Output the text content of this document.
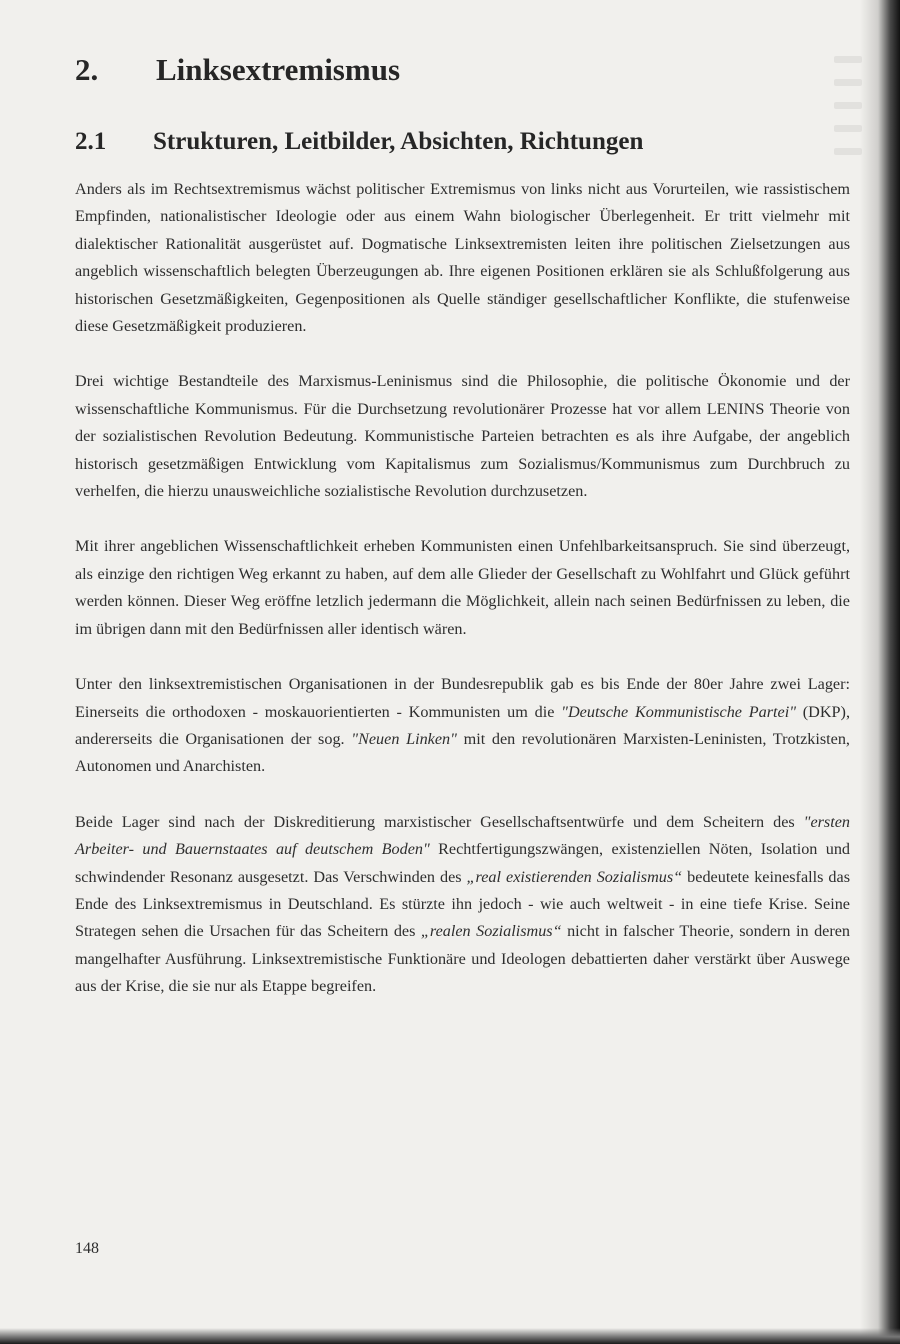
2. Linksextremismus
2.1 Strukturen, Leitbilder, Absichten, Richtungen

Anders als im Rechtsextremismus wächst politischer Extremismus von links nicht aus Vorurteilen, wie rassistischem Empfinden, nationalistischer Ideologie oder aus einem Wahn biologischer Überlegenheit. Er tritt vielmehr mit dialektischer Rationalität ausgerüstet auf. Dogmatische Linksextremisten leiten ihre politischen Zielsetzungen aus angeblich wissenschaftlich belegten Überzeugungen ab. Ihre eigenen Positionen erklären sie als Schlußfolgerung aus historischen Gesetzmäßigkeiten, Gegenpositionen als Quelle ständiger gesellschaftlicher Konflikte, die stufenweise diese Gesetzmäßigkeit produzieren.

Drei wichtige Bestandteile des Marxismus-Leninismus sind die Philosophie, die politische Ökonomie und der wissenschaftliche Kommunismus. Für die Durchsetzung revolutionärer Prozesse hat vor allem LENINS Theorie von der sozialistischen Revolution Bedeutung. Kommunistische Parteien betrachten es als ihre Aufgabe, der angeblich historisch gesetzmäßigen Entwicklung vom Kapitalismus zum Sozialismus/Kommunismus zum Durchbruch zu verhelfen, die hierzu unausweichliche sozialistische Revolution durchzusetzen.

Mit ihrer angeblichen Wissenschaftlichkeit erheben Kommunisten einen Unfehlbarkeitsanspruch. Sie sind überzeugt, als einzige den richtigen Weg erkannt zu haben, auf dem alle Glieder der Gesellschaft zu Wohlfahrt und Glück geführt werden können. Dieser Weg eröffne letzlich jedermann die Möglichkeit, allein nach seinen Bedürfnissen zu leben, die im übrigen dann mit den Bedürfnissen aller identisch wären.

Unter den linksextremistischen Organisationen in der Bundesrepublik gab es bis Ende der 80er Jahre zwei Lager: Einerseits die orthodoxen - moskauorientierten - Kommunisten um die "Deutsche Kommunistische Partei" (DKP), andererseits die Organisationen der sog. "Neuen Linken" mit den revolutionären Marxisten-Leninisten, Trotzkisten, Autonomen und Anarchisten.

Beide Lager sind nach der Diskreditierung marxistischer Gesellschaftsentwürfe und dem Scheitern des "ersten Arbeiter- und Bauernstaates auf deutschem Boden" Rechtfertigungszwängen, existenziellen Nöten, Isolation und schwindender Resonanz ausgesetzt. Das Verschwinden des „real existierenden Sozialismus“ bedeutete keinesfalls das Ende des Linksextremismus in Deutschland. Es stürzte ihn jedoch - wie auch weltweit - in eine tiefe Krise. Seine Strategen sehen die Ursachen für das Scheitern des „realen Sozialismus“ nicht in falscher Theorie, sondern in deren mangelhafter Ausführung. Linksextremistische Funktionäre und Ideologen debattierten daher verstärkt über Auswege aus der Krise, die sie nur als Etappe begreifen.

148
